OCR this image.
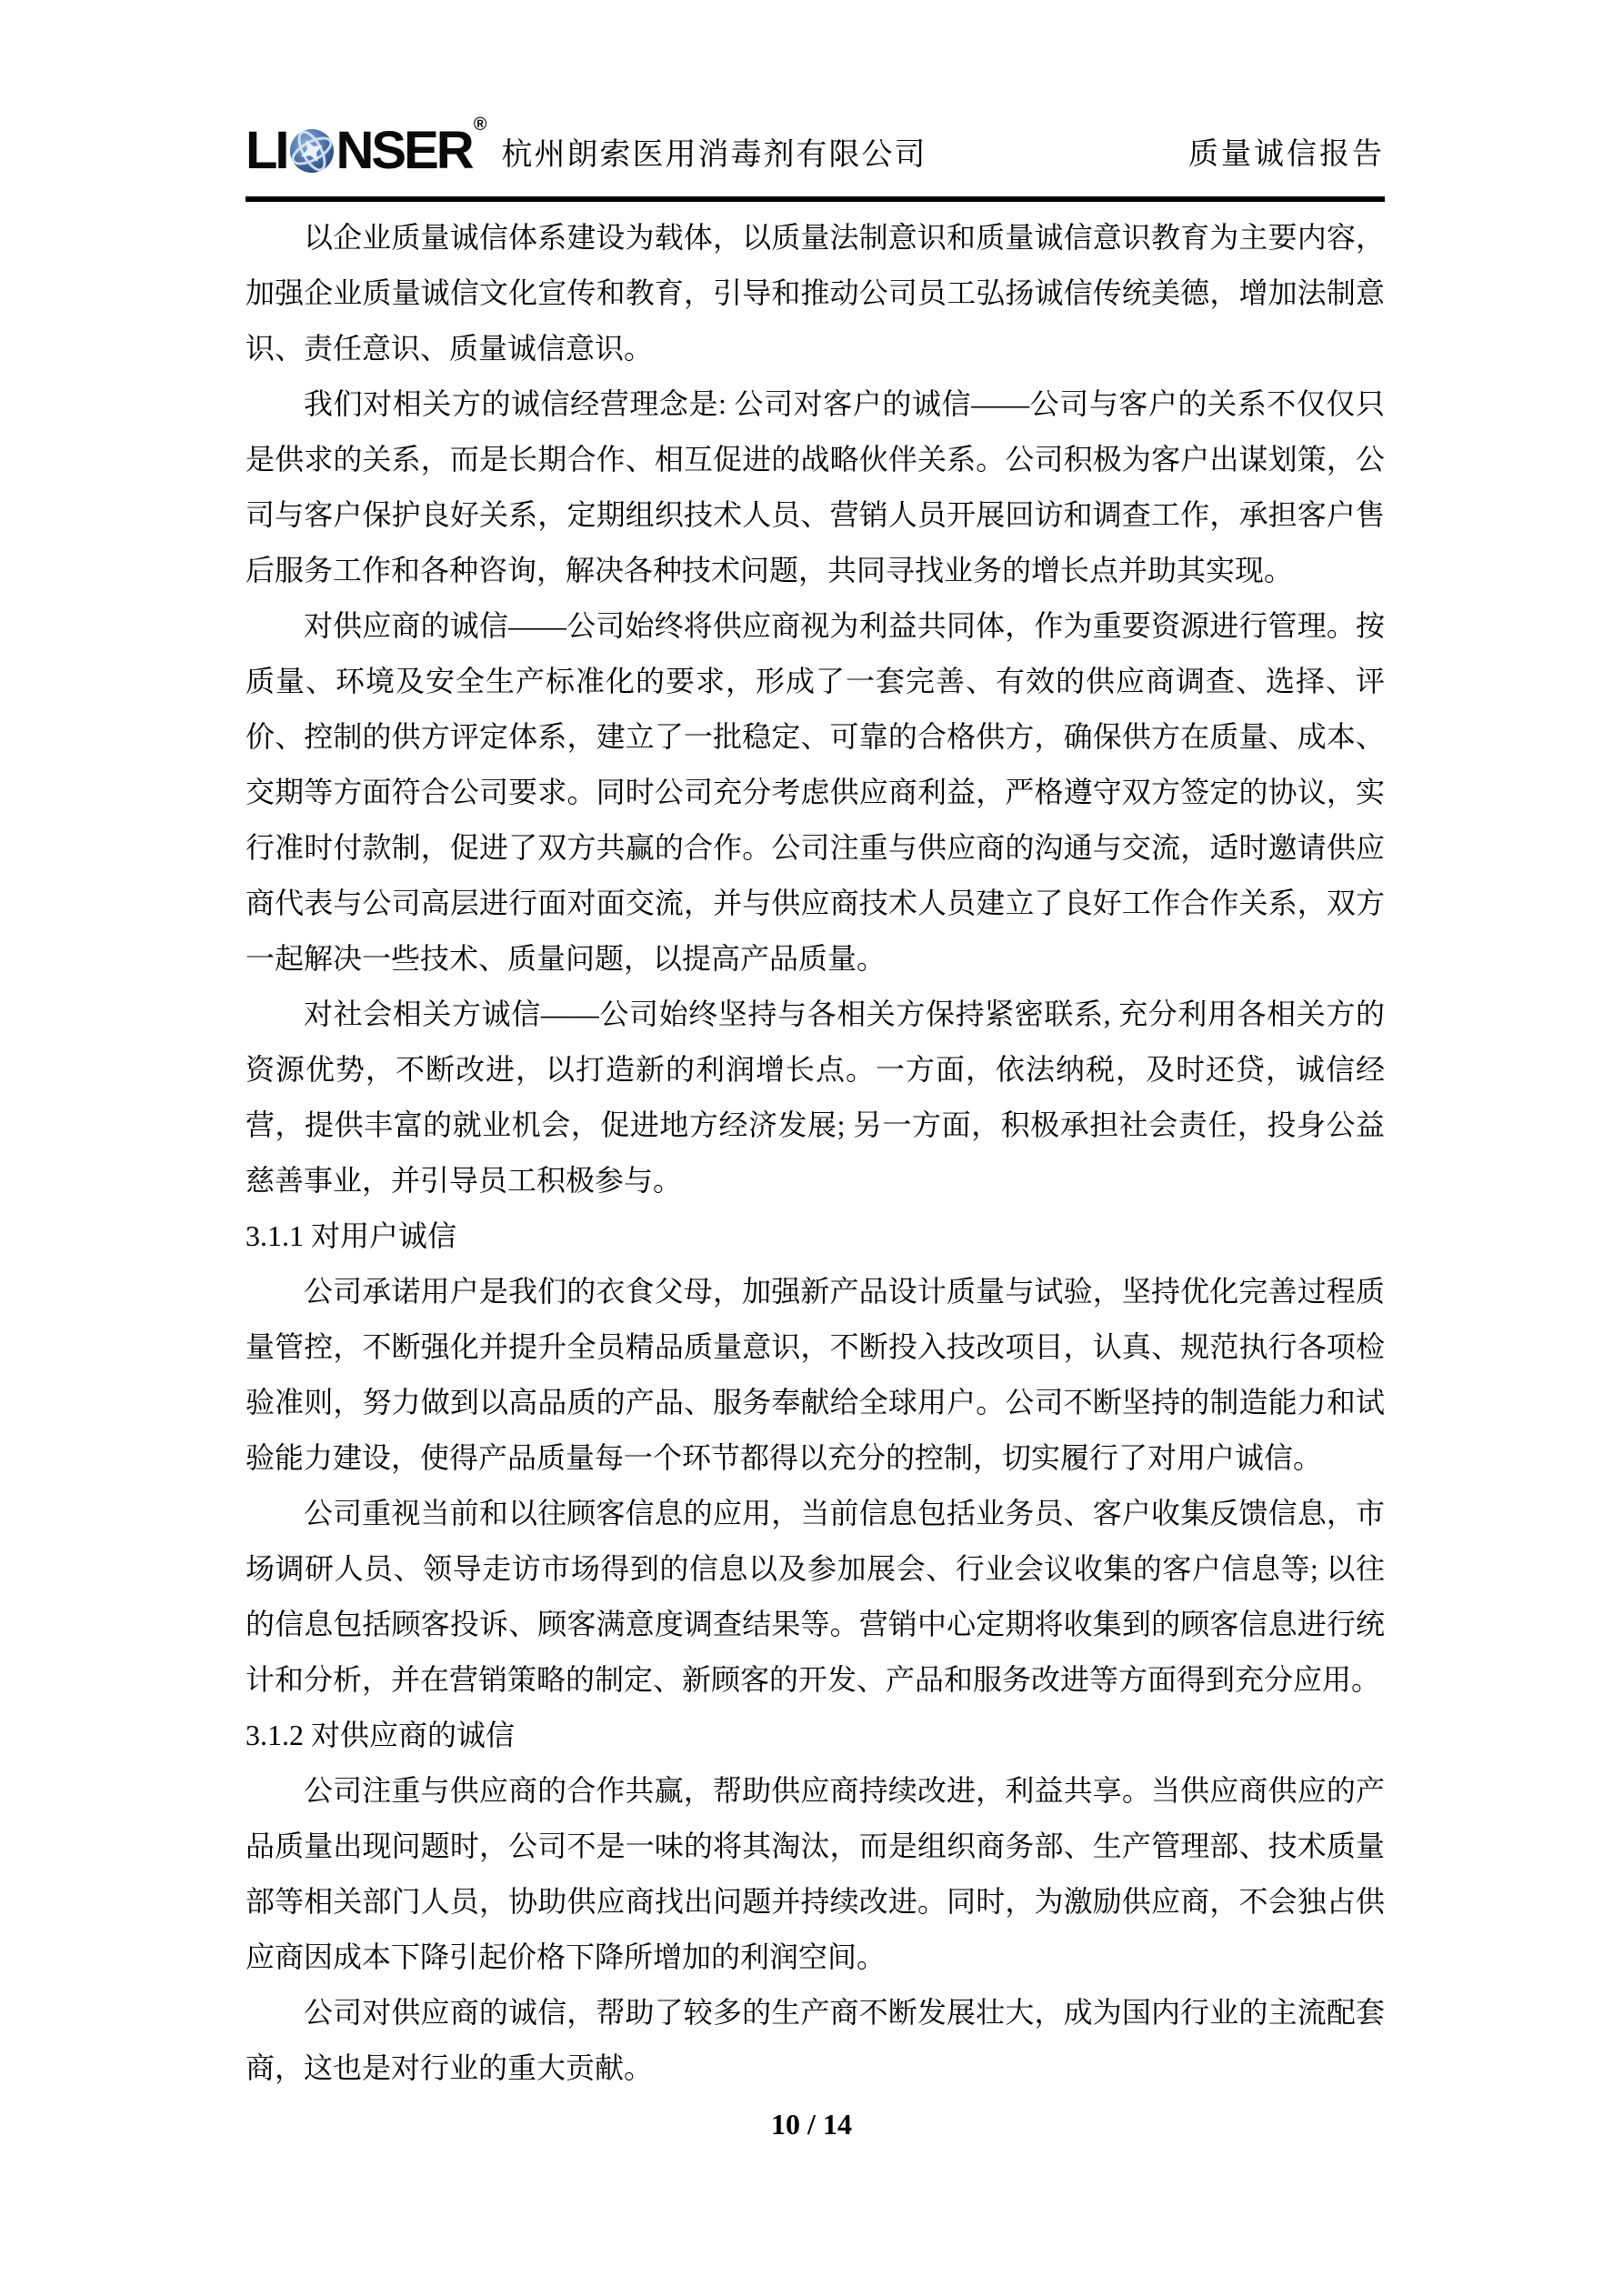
LI NSER ®
杭州朗索医用消毒剂有限公司	质量诚信报告

以企业质量诚信体系建设为载体，以质量法制意识和质量诚信意识教育为主要内容，加强企业质量诚信文化宣传和教育，引导和推动公司员工弘扬诚信传统美德，增加法制意识、责任意识、质量诚信意识。

我们对相关方的诚信经营理念是: 公司对客户的诚信——公司与客户的关系不仅仅只是供求的关系，而是长期合作、相互促进的战略伙伴关系。公司积极为客户出谋划策，公司与客户保护良好关系，定期组织技术人员、营销人员开展回访和调查工作，承担客户售后服务工作和各种咨询，解决各种技术问题，共同寻找业务的增长点并助其实现。

对供应商的诚信——公司始终将供应商视为利益共同体，作为重要资源进行管理。按质量、环境及安全生产标准化的要求，形成了一套完善、有效的供应商调查、选择、评价、控制的供方评定体系，建立了一批稳定、可靠的合格供方，确保供方在质量、成本、交期等方面符合公司要求。同时公司充分考虑供应商利益，严格遵守双方签定的协议，实行准时付款制，促进了双方共赢的合作。公司注重与供应商的沟通与交流，适时邀请供应商代表与公司高层进行面对面交流，并与供应商技术人员建立了良好工作合作关系，双方一起解决一些技术、质量问题，以提高产品质量。

对社会相关方诚信——公司始终坚持与各相关方保持紧密联系, 充分利用各相关方的资源优势，不断改进，以打造新的利润增长点。一方面，依法纳税，及时还贷，诚信经营，提供丰富的就业机会，促进地方经济发展; 另一方面，积极承担社会责任，投身公益慈善事业，并引导员工积极参与。

3.1.1 对用户诚信

公司承诺用户是我们的衣食父母，加强新产品设计质量与试验，坚持优化完善过程质量管控，不断强化并提升全员精品质量意识，不断投入技改项目，认真、规范执行各项检验准则，努力做到以高品质的产品、服务奉献给全球用户。公司不断坚持的制造能力和试验能力建设，使得产品质量每一个环节都得以充分的控制，切实履行了对用户诚信。

公司重视当前和以往顾客信息的应用，当前信息包括业务员、客户收集反馈信息，市场调研人员、领导走访市场得到的信息以及参加展会、行业会议收集的客户信息等; 以往的信息包括顾客投诉、顾客满意度调查结果等。营销中心定期将收集到的顾客信息进行统计和分析，并在营销策略的制定、新顾客的开发、产品和服务改进等方面得到充分应用。

3.1.2 对供应商的诚信

公司注重与供应商的合作共赢，帮助供应商持续改进，利益共享。当供应商供应的产品质量出现问题时，公司不是一味的将其淘汰，而是组织商务部、生产管理部、技术质量部等相关部门人员，协助供应商找出问题并持续改进。同时，为激励供应商，不会独占供应商因成本下降引起价格下降所增加的利润空间。

公司对供应商的诚信，帮助了较多的生产商不断发展壮大，成为国内行业的主流配套商，这也是对行业的重大贡献。

10 / 14
